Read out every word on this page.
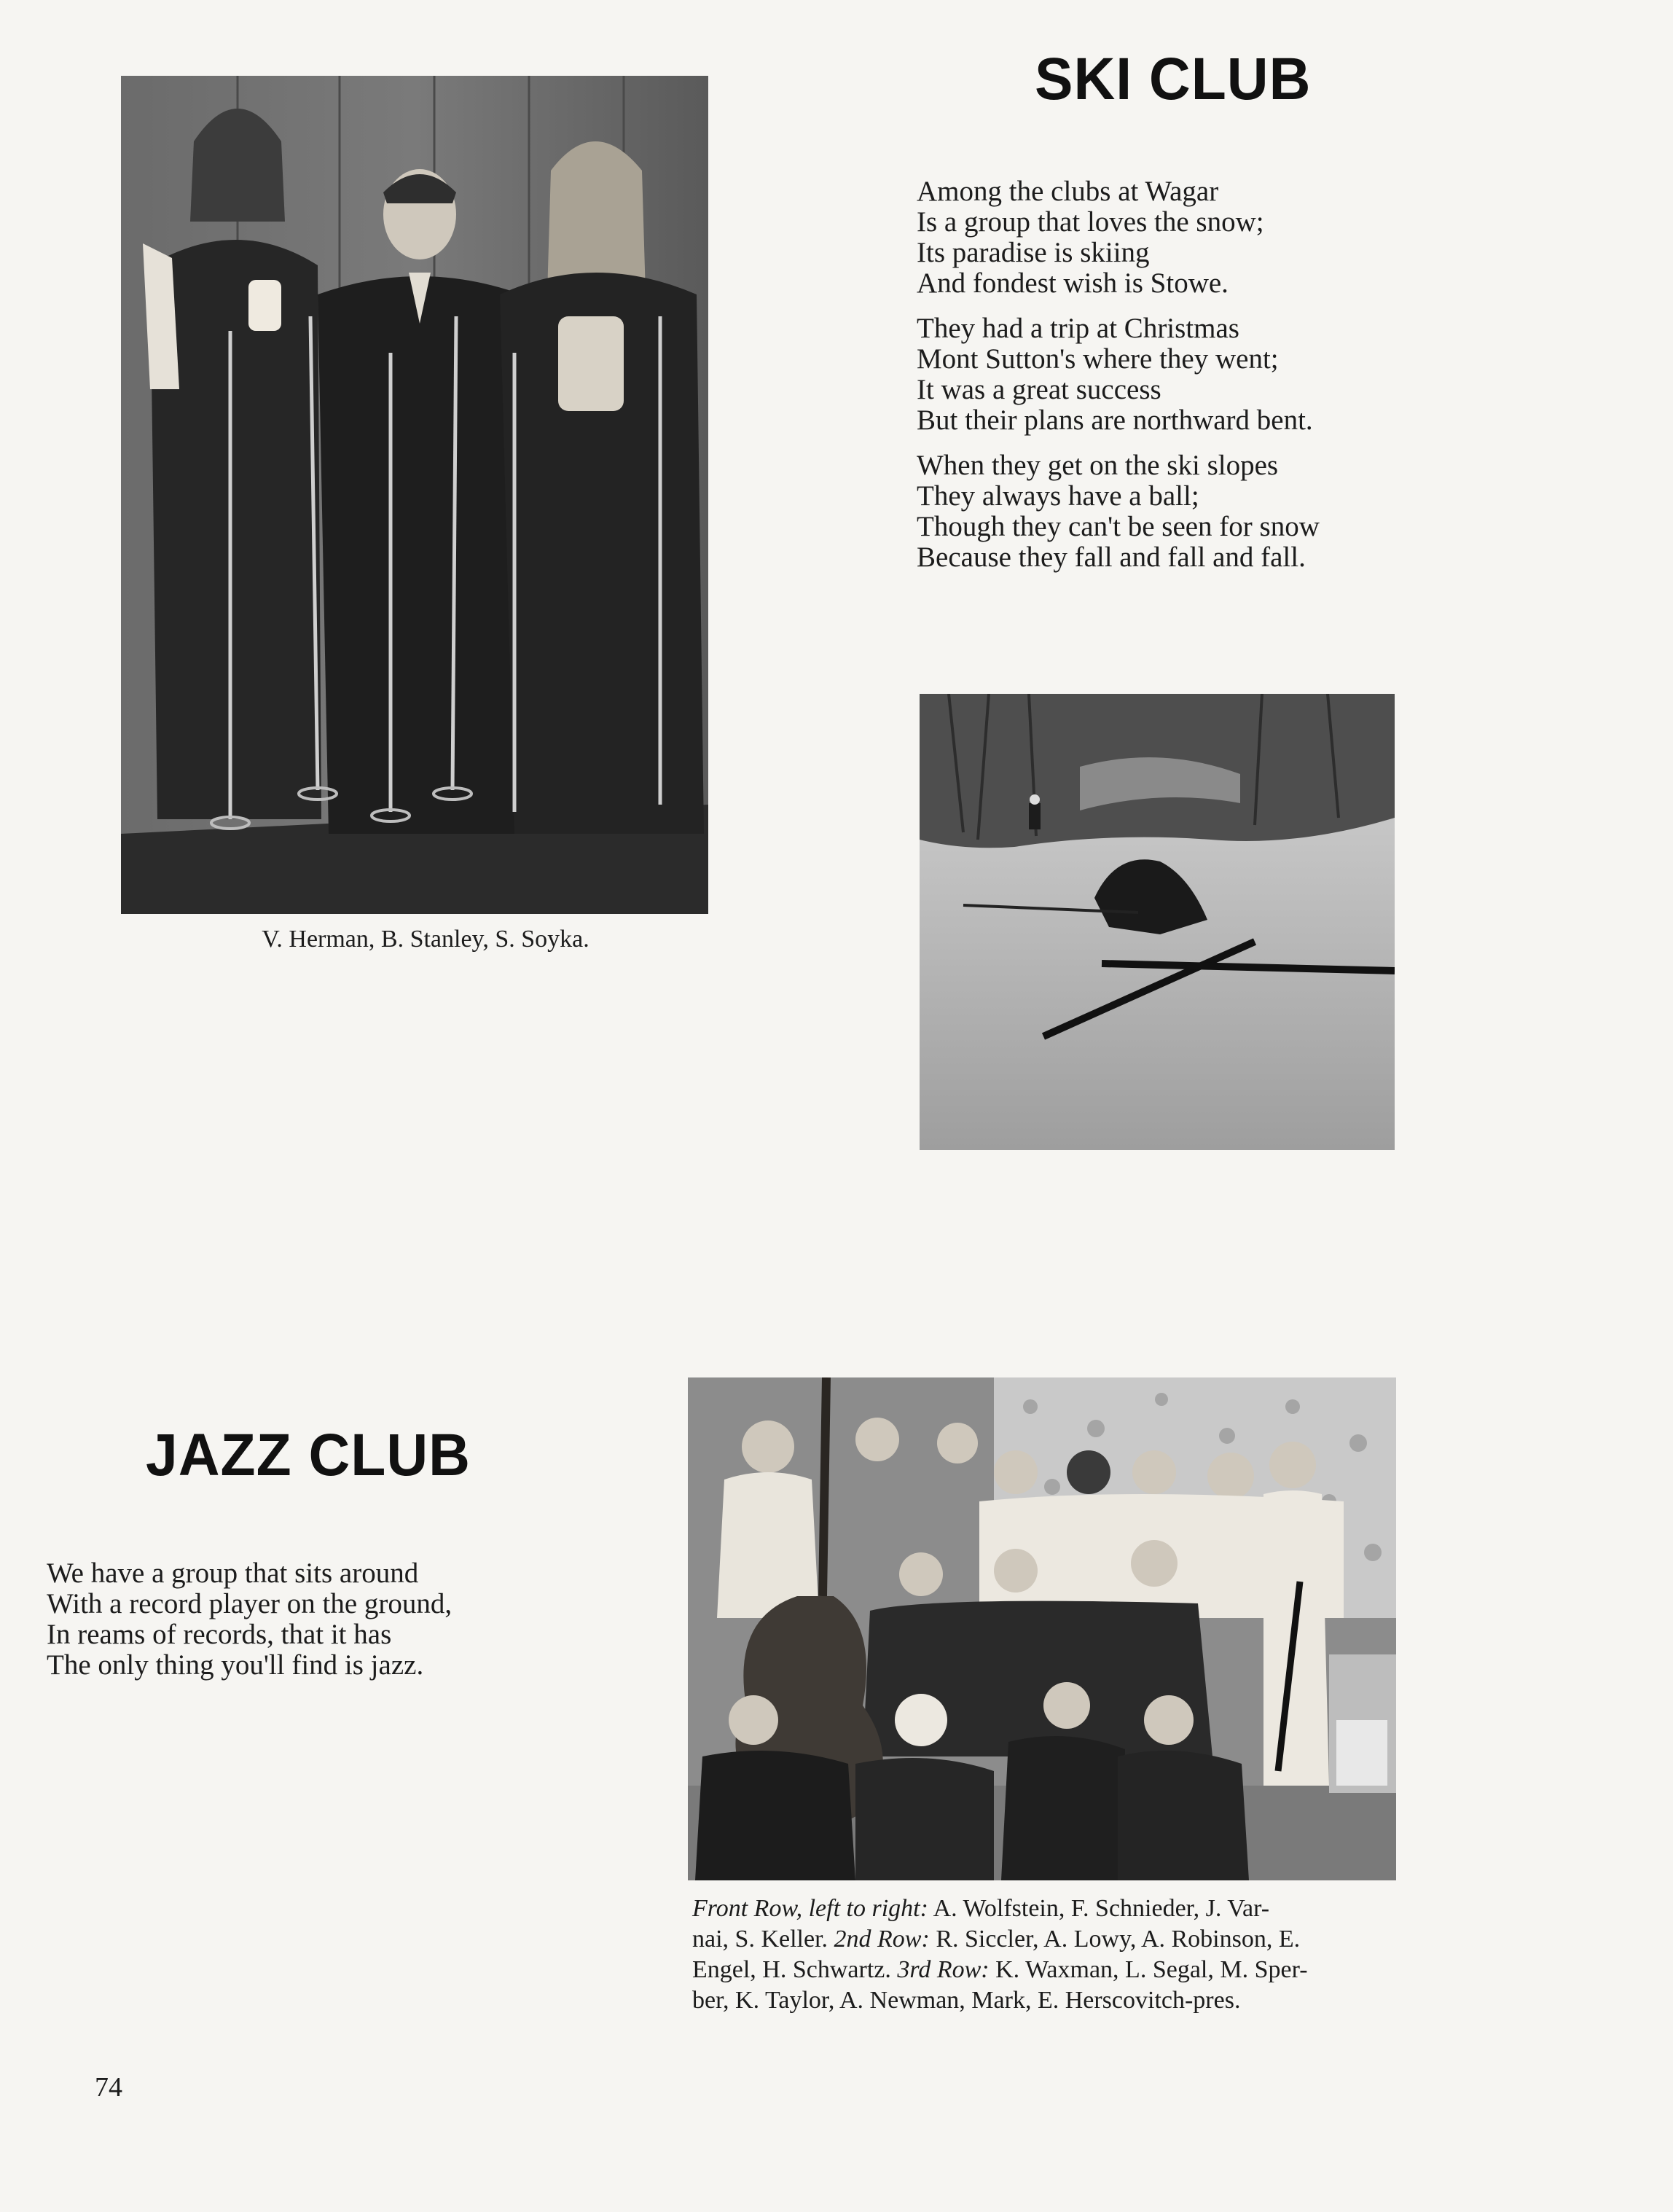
SKI CLUB
V. Herman, B. Stanley, S. Soyka.
Among the clubs at Wagar
Is a group that loves the snow;
Its paradise is skiing
And fondest wish is Stowe.
They had a trip at Christmas
Mont Sutton's where they went;
It was a great success
But their plans are northward bent.
When they get on the ski slopes
They always have a ball;
Though they can't be seen for snow
Because they fall and fall and fall.
JAZZ CLUB
We have a group that sits around
With a record player on the ground,
In reams of records, that it has
The only thing you'll find is jazz.
Front Row, left to right: A. Wolfstein, F. Schnieder, J. Var-
nai, S. Keller. 2nd Row: R. Siccler, A. Lowy, A. Robinson, E.
Engel, H. Schwartz. 3rd Row: K. Waxman, L. Segal, M. Sper-
ber, K. Taylor, A. Newman, Mark, E. Herscovitch-pres.
74
